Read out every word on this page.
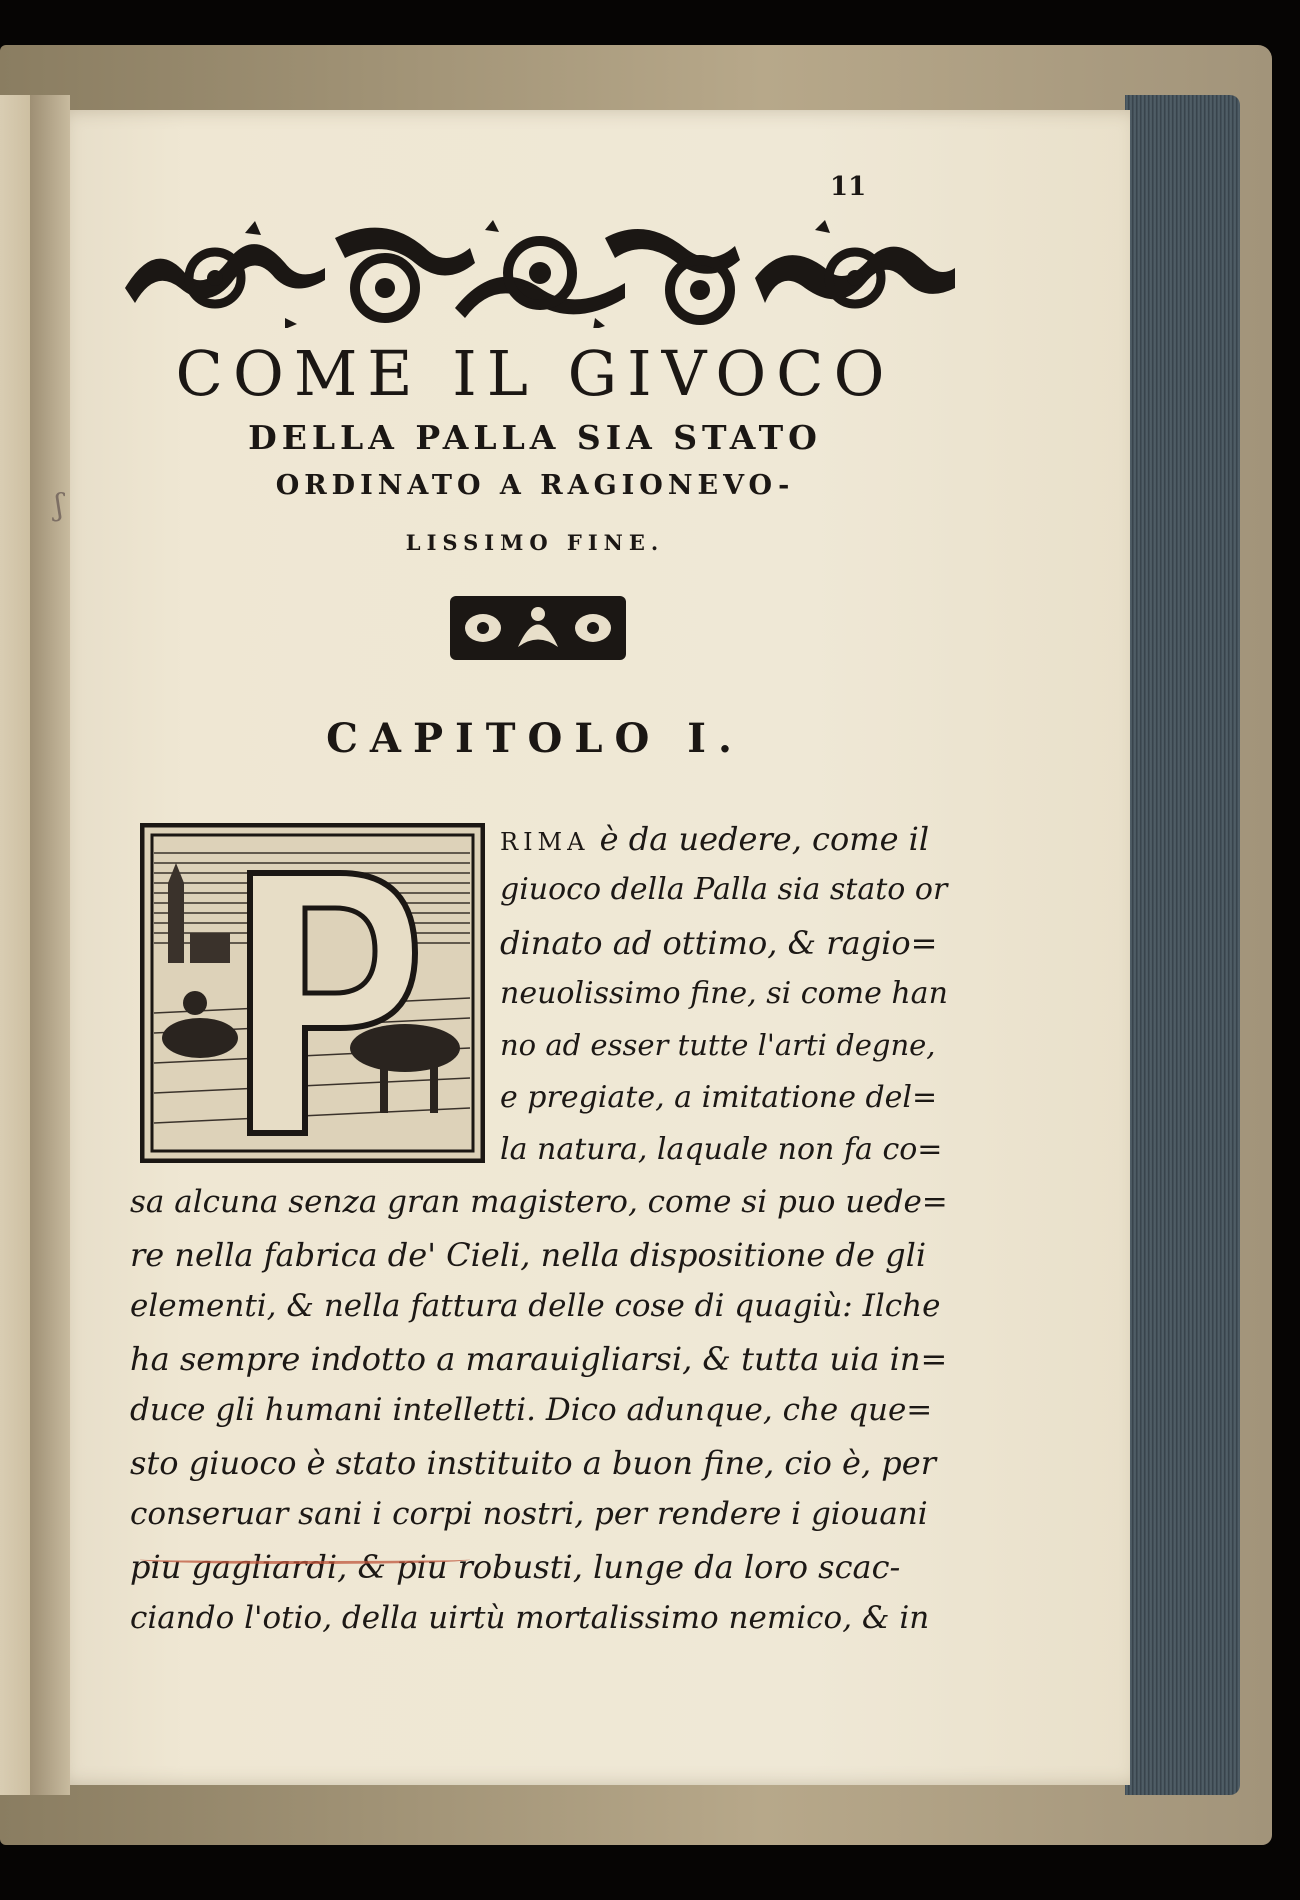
ʃ
11
COME IL GIVOCO
DELLA PALLA SIA STATO
ORDINATO A RAGIONEVO-
LISSIMO FINE.
CAPITOLO I.
RIMA è da uedere, come il
giuoco della Palla sia stato or
dinato ad ottimo, & ragio=
neuolissimo fine, si come han
no ad esser tutte l'arti degne,
e pregiate, a imitatione del=
la natura, laquale non fa co=
sa alcuna senza gran magistero, come si puo uede=
re nella fabrica de' Cieli, nella dispositione de gli
elementi, & nella fattura delle cose di quagiù: Ilche
ha sempre indotto a marauigliarsi, & tutta uia in=
duce gli humani intelletti. Dico adunque, che que=
sto giuoco è stato instituito a buon fine, cio è, per
conseruar sani i corpi nostri, per rendere i giouani
piu gagliardi, & piu robusti, lunge da loro scac-
ciando l'otio, della uirtù mortalissimo nemico, & in
